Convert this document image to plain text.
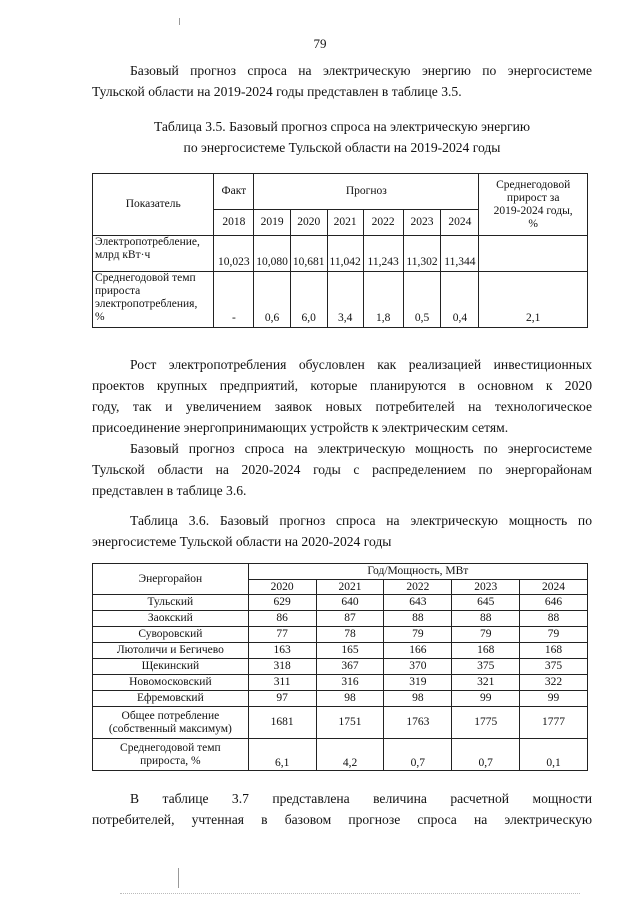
79

Базовый прогноз спроса на электрическую энергию по энергосистеме
Тульской области на 2019-2024 годы представлен в таблице 3.5.

Таблица 3.5. Базовый прогноз спроса на электрическую энергию
по энергосистеме Тульской области на 2019-2024 годы
Показатель	Факт	Прогноз						Среднегодовой
прирост за
2019-2024 годы,
%

	2018	2019	2020	2021	2022	2023	2024	

Электропотребление,
млрд кВт·ч	10,023	10,080	10,681	11,042	11,243	11,302	11,344	

Среднегодовой темп
прироста
электропотребления,
%	-	0,6	6,0	3,4	1,8	0,5	0,4	2,1

Рост электропотребления обусловлен как реализацией инвестиционных
проектов крупных предприятий, которые планируются в основном к 2020
году, так и увеличением заявок новых потребителей на технологическое
присоединение энергопринимающих устройств к электрическим сетям.
Базовый прогноз спроса на электрическую мощность по энергосистеме
Тульской области на 2020-2024 годы с распределением по энергорайонам
представлен в таблице 3.6.

Таблица 3.6. Базовый прогноз спроса на электрическую мощность по
энергосистеме Тульской области на 2020-2024 годы
Энергорайон	Год/Мощность, МВт				
	2020	2021	2022	2023	2024
Тульский	629	640	643	645	646
Заокский	86	87	88	88	88
Суворовский	77	78	79	79	79
Лютоличи и Бегичево	163	165	166	168	168
Щекинский	318	367	370	375	375
Новомосковский	311	316	319	321	322
Ефремовский	97	98	98	99	99

Общее потребление
(собственный максимум)	1681	1751	1763	1775	1777

Среднегодовой темп
прироста, %	6,1	4,2	0,7	0,7	0,1

В таблице 3.7 представлена величина расчетной мощности
потребителей, учтенная в базовом прогнозе спроса на электрическую
